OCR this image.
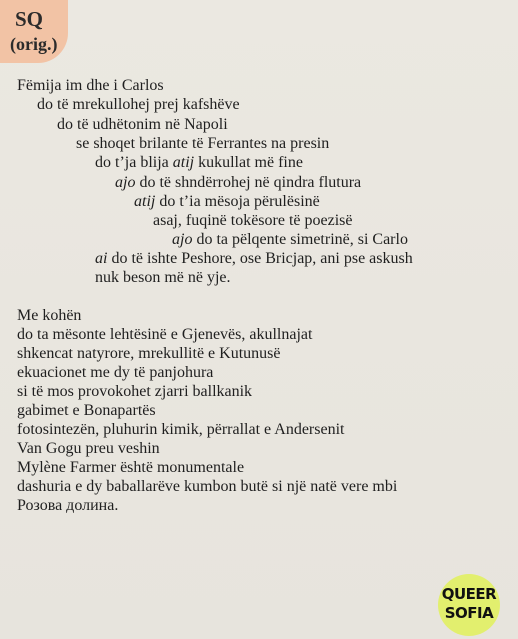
SQ
(orig.)
Fëmija im dhe i Carlos
do të mrekullohej prej kafshëve
do të udhëtonim në Napoli
se shoqet brilante të Ferrantes na presin
do t’ja blija atij kukullat më fine
ajo do të shndërrohej në qindra flutura
atij do t’ia mësoja përulësinë
asaj, fuqinë tokësore të poezisë
ajo do ta pëlqente simetrinë, si Carlo
ai do të ishte Peshore, ose Bricjap, ani pse askush
nuk beson më në yje.
Me kohën
do ta mësonte lehtësinë e Gjenevës, akullnajat
shkencat natyrore, mrekullitë e Kutunusë
ekuacionet me dy të panjohura
si të mos provokohet zjarri ballkanik
gabimet e Bonapartës
fotosintezën, pluhurin kimik, përrallat e Andersenit
Van Gogu preu veshin
Mylène Farmer është monumentale
dashuria e dy baballarëve kumbon butë si një natë vere mbi
Розова долина.
QUEER
SOFIA
